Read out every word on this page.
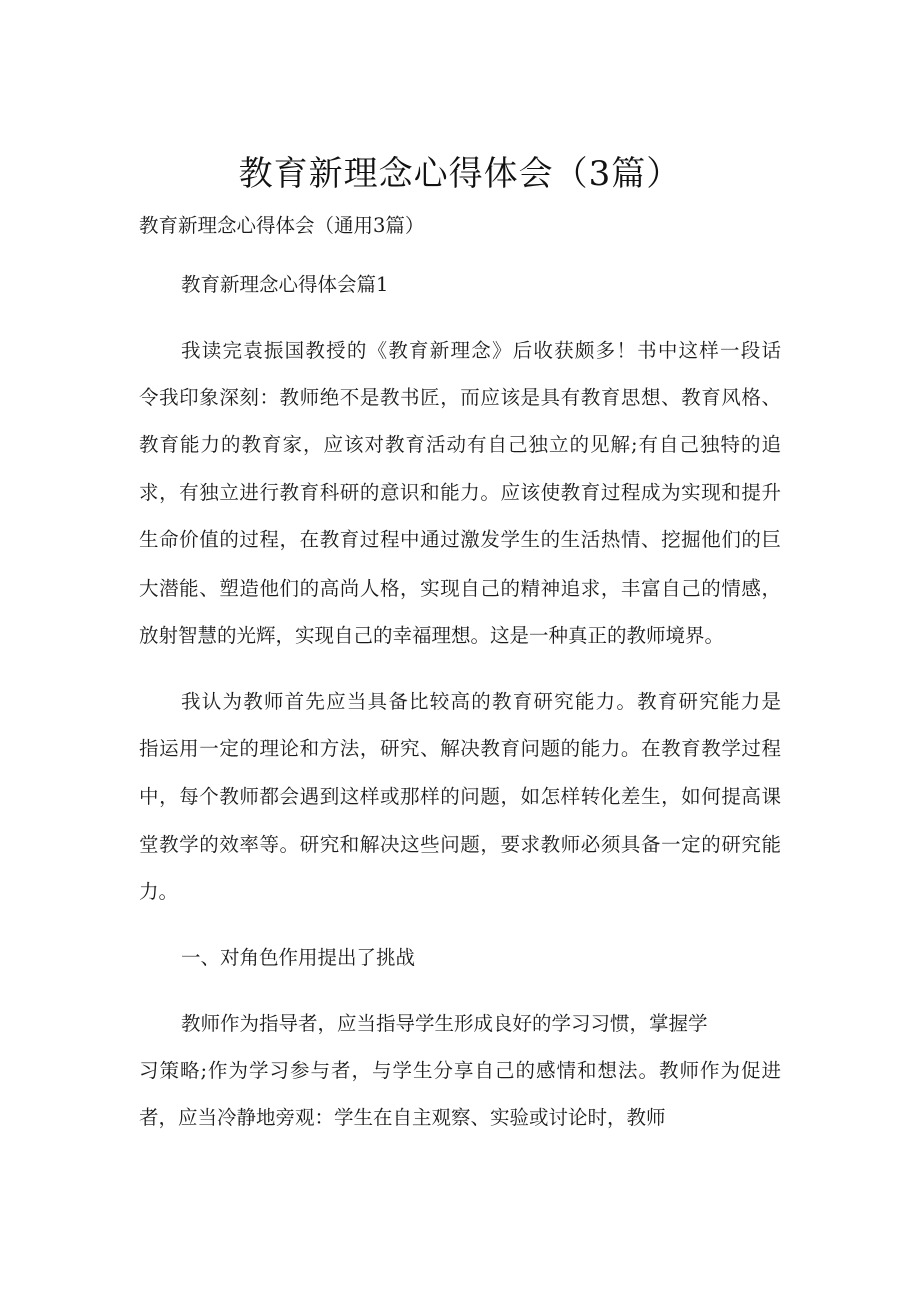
教育新理念心得体会（3篇）

教育新理念心得体会（通用3篇）

教育新理念心得体会篇1

我读完袁振国教授的《教育新理念》后收获颇多！书中这样一段话

令我印象深刻：教师绝不是教书匠，而应该是具有教育思想、教育风格、

教育能力的教育家，应该对教育活动有自己独立的见解;有自己独特的追

求，有独立进行教育科研的意识和能力。应该使教育过程成为实现和提升

生命价值的过程，在教育过程中通过激发学生的生活热情、挖掘他们的巨

大潜能、塑造他们的高尚人格，实现自己的精神追求，丰富自己的情感，

放射智慧的光辉，实现自己的幸福理想。这是一种真正的教师境界。

我认为教师首先应当具备比较高的教育研究能力。教育研究能力是

指运用一定的理论和方法，研究、解决教育问题的能力。在教育教学过程

中，每个教师都会遇到这样或那样的问题，如怎样转化差生，如何提高课

堂教学的效率等。研究和解决这些问题，要求教师必须具备一定的研究能

力。

一、对角色作用提出了挑战

教师作为指导者，应当指导学生形成良好的学习习惯，掌握学

习策略;作为学习参与者，与学生分享自己的感情和想法。教师作为促进

者，应当冷静地旁观：学生在自主观察、实验或讨论时，教师
